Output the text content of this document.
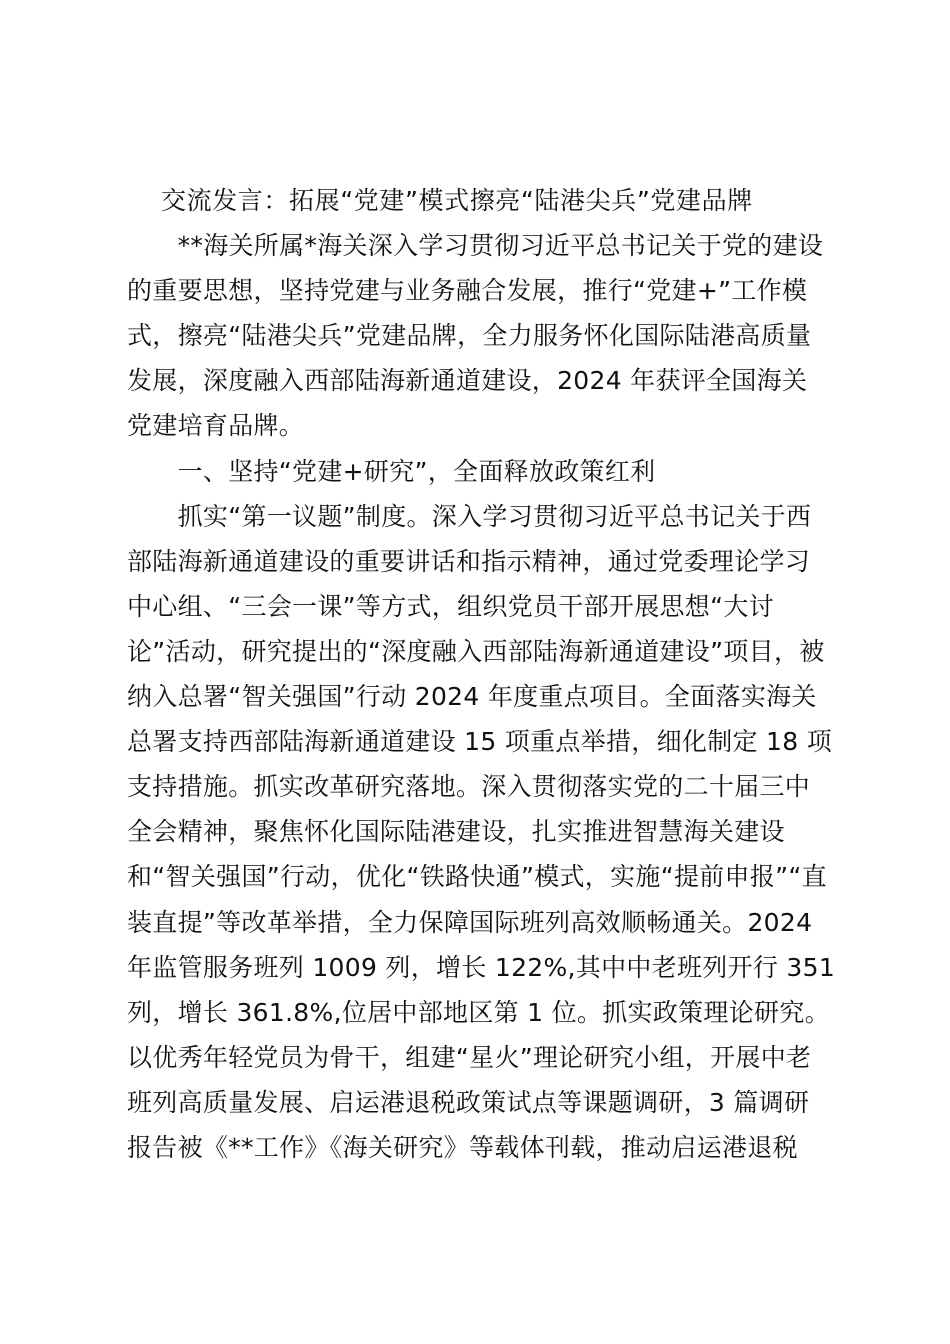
交流发言：拓展“党建”模式擦亮“陆港尖兵”党建品牌
　　**海关所属*海关深入学习贯彻习近平总书记关于党的建设
的重要思想，坚持党建与业务融合发展，推行“党建+”工作模
式，擦亮“陆港尖兵”党建品牌，全力服务怀化国际陆港高质量
发展，深度融入西部陆海新通道建设，2024 年获评全国海关
党建培育品牌。
　　一、坚持“党建+研究”，全面释放政策红利
　　抓实“第一议题”制度。深入学习贯彻习近平总书记关于西
部陆海新通道建设的重要讲话和指示精神，通过党委理论学习
中心组、“三会一课”等方式，组织党员干部开展思想“大讨
论”活动，研究提出的“深度融入西部陆海新通道建设”项目，被
纳入总署“智关强国”行动 2024 年度重点项目。全面落实海关
总署支持西部陆海新通道建设 15 项重点举措，细化制定 18 项
支持措施。抓实改革研究落地。深入贯彻落实党的二十届三中
全会精神，聚焦怀化国际陆港建设，扎实推进智慧海关建设
和“智关强国”行动，优化“铁路快通”模式，实施“提前申报”“直
装直提”等改革举措，全力保障国际班列高效顺畅通关。2024
年监管服务班列 1009 列，增长 122%,其中中老班列开行 351
列，增长 361.8%,位居中部地区第 1 位。抓实政策理论研究。
以优秀年轻党员为骨干，组建“星火”理论研究小组，开展中老
班列高质量发展、启运港退税政策试点等课题调研，3 篇调研
报告被《**工作》《海关研究》等载体刊载，推动启运港退税
